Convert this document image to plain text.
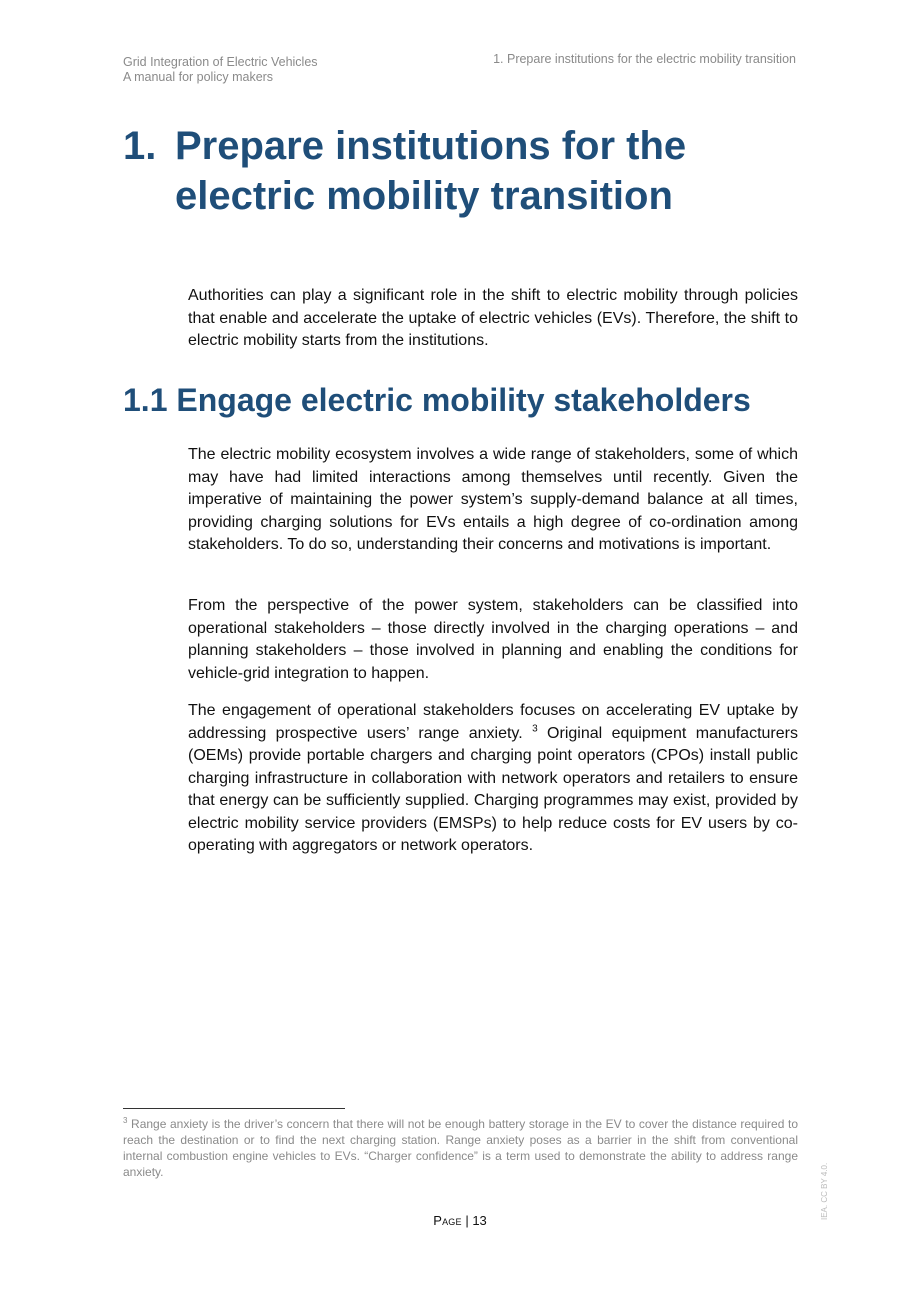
Grid Integration of Electric Vehicles
A manual for policy makers
1. Prepare institutions for the electric mobility transition
1. Prepare institutions for the electric mobility transition

Authorities can play a significant role in the shift to electric mobility through policies that enable and accelerate the uptake of electric vehicles (EVs). Therefore, the shift to electric mobility starts from the institutions.

1.1 Engage electric mobility stakeholders

The electric mobility ecosystem involves a wide range of stakeholders, some of which may have had limited interactions among themselves until recently. Given the imperative of maintaining the power system’s supply-demand balance at all times, providing charging solutions for EVs entails a high degree of co-ordination among stakeholders. To do so, understanding their concerns and motivations is important.

From the perspective of the power system, stakeholders can be classified into operational stakeholders – those directly involved in the charging operations – and planning stakeholders – those involved in planning and enabling the conditions for vehicle-grid integration to happen.

The engagement of operational stakeholders focuses on accelerating EV uptake by addressing prospective users’ range anxiety. $^3$ Original equipment manufacturers (OEMs) provide portable chargers and charging point operators (CPOs) install public charging infrastructure in collaboration with network operators and retailers to ensure that energy can be sufficiently supplied. Charging programmes may exist, provided by electric mobility service providers (EMSPs) to help reduce costs for EV users by co-operating with aggregators or network operators.

$^3$ Range anxiety is the driver’s concern that there will not be enough battery storage in the EV to cover the distance required to reach the destination or to find the next charging station. Range anxiety poses as a barrier in the shift from conventional internal combustion engine vehicles to EVs. “Charger confidence” is a term used to demonstrate the ability to address range anxiety.
Page | 13
IEA. CC BY 4.0.
